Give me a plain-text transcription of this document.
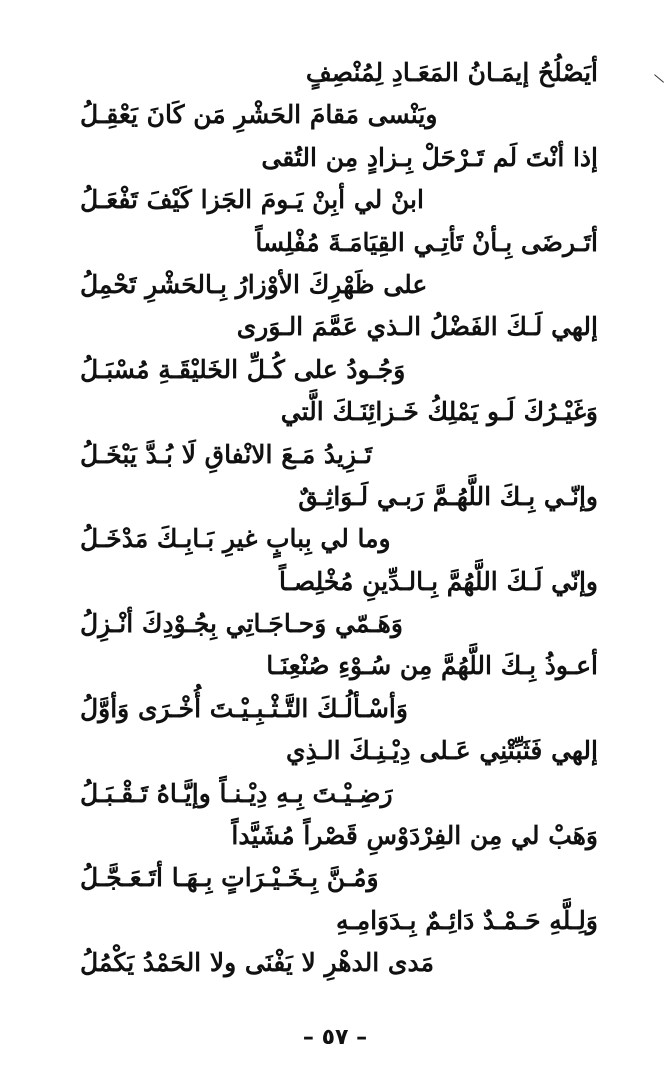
أيَصْلُحُ إيمَـانُ المَعَـادِ لِمُنْصِفٍ
ويَنْسى مَقامَ الحَشْرِ مَن كَانَ يَعْقِـلُ
إذا أنْتَ لَم تَـرْحَلْ بِـزادٍ مِن التُقى
ابنْ لي أبِنْ يَـومَ الجَزا كَيْفَ تَفْعَـلُ
أتَـرضَى بِـأنْ تَأتِـي القِيَامَـةَ مُفْلِساً
على ظَهْرِكَ الأوْزارُ بِـالحَشْرِ تَحْمِلُ
إلهي لَـكَ الفَضْلُ الـذي عَمَّمَ الـوَرى
وَجُـودُ على كُـلِّ الخَليْقَـةِ مُسْبَـلُ
وَغَيْـرُكَ لَـو يَمْلِكُ خَـزائِنَـكَ الَّتي
تَـزِيدُ مَـعَ الانْفاقِ لَا بُـدَّ يَبْخَـلُ
وإنّـي بِـكَ اللَّهُـمَّ رَبـي لَـوَاثِـقٌ
وما لي بِبابٍ غيرِ بَـابِـكَ مَدْخَـلُ
وإنّي لَـكَ اللَّهُمَّ بِـالـدِّينِ مُخْلِصـاً
وَهَـمّي وَحـاجَـاتِي بِجُـوْدِكَ أنْـزِلُ
أعـوذُ بِـكَ اللَّهُمَّ مِن سُـوْءِ صُنْعِنَـا
وَأسْـألُـكَ التَّـثْـبِـيْـتَ أُخْـرَى وَأوَّلُ
إلهي فَثَبِّتْنِي عَـلى دِيْـنِـكَ الـذِي
رَضِـيْـتَ بِـهِ دِيْـنـاً وإيَّـاهُ تَـقْـبَـلُ
وَهَبْ لي مِن الفِرْدَوْسِ قَصْراً مُشَيَّداً
وَمُـنَّ بِـخَـيْـرَاتٍ بِـهَـا أتَـعَـجَّـلُ
وَلِـلَّهِ حَـمْـدٌ دَائِـمٌ بِـدَوَامِـهِ
مَدى الدهْرِ لا يَفْنَى ولا الحَمْدُ يَكْمُلُ
– ٥٧ –
